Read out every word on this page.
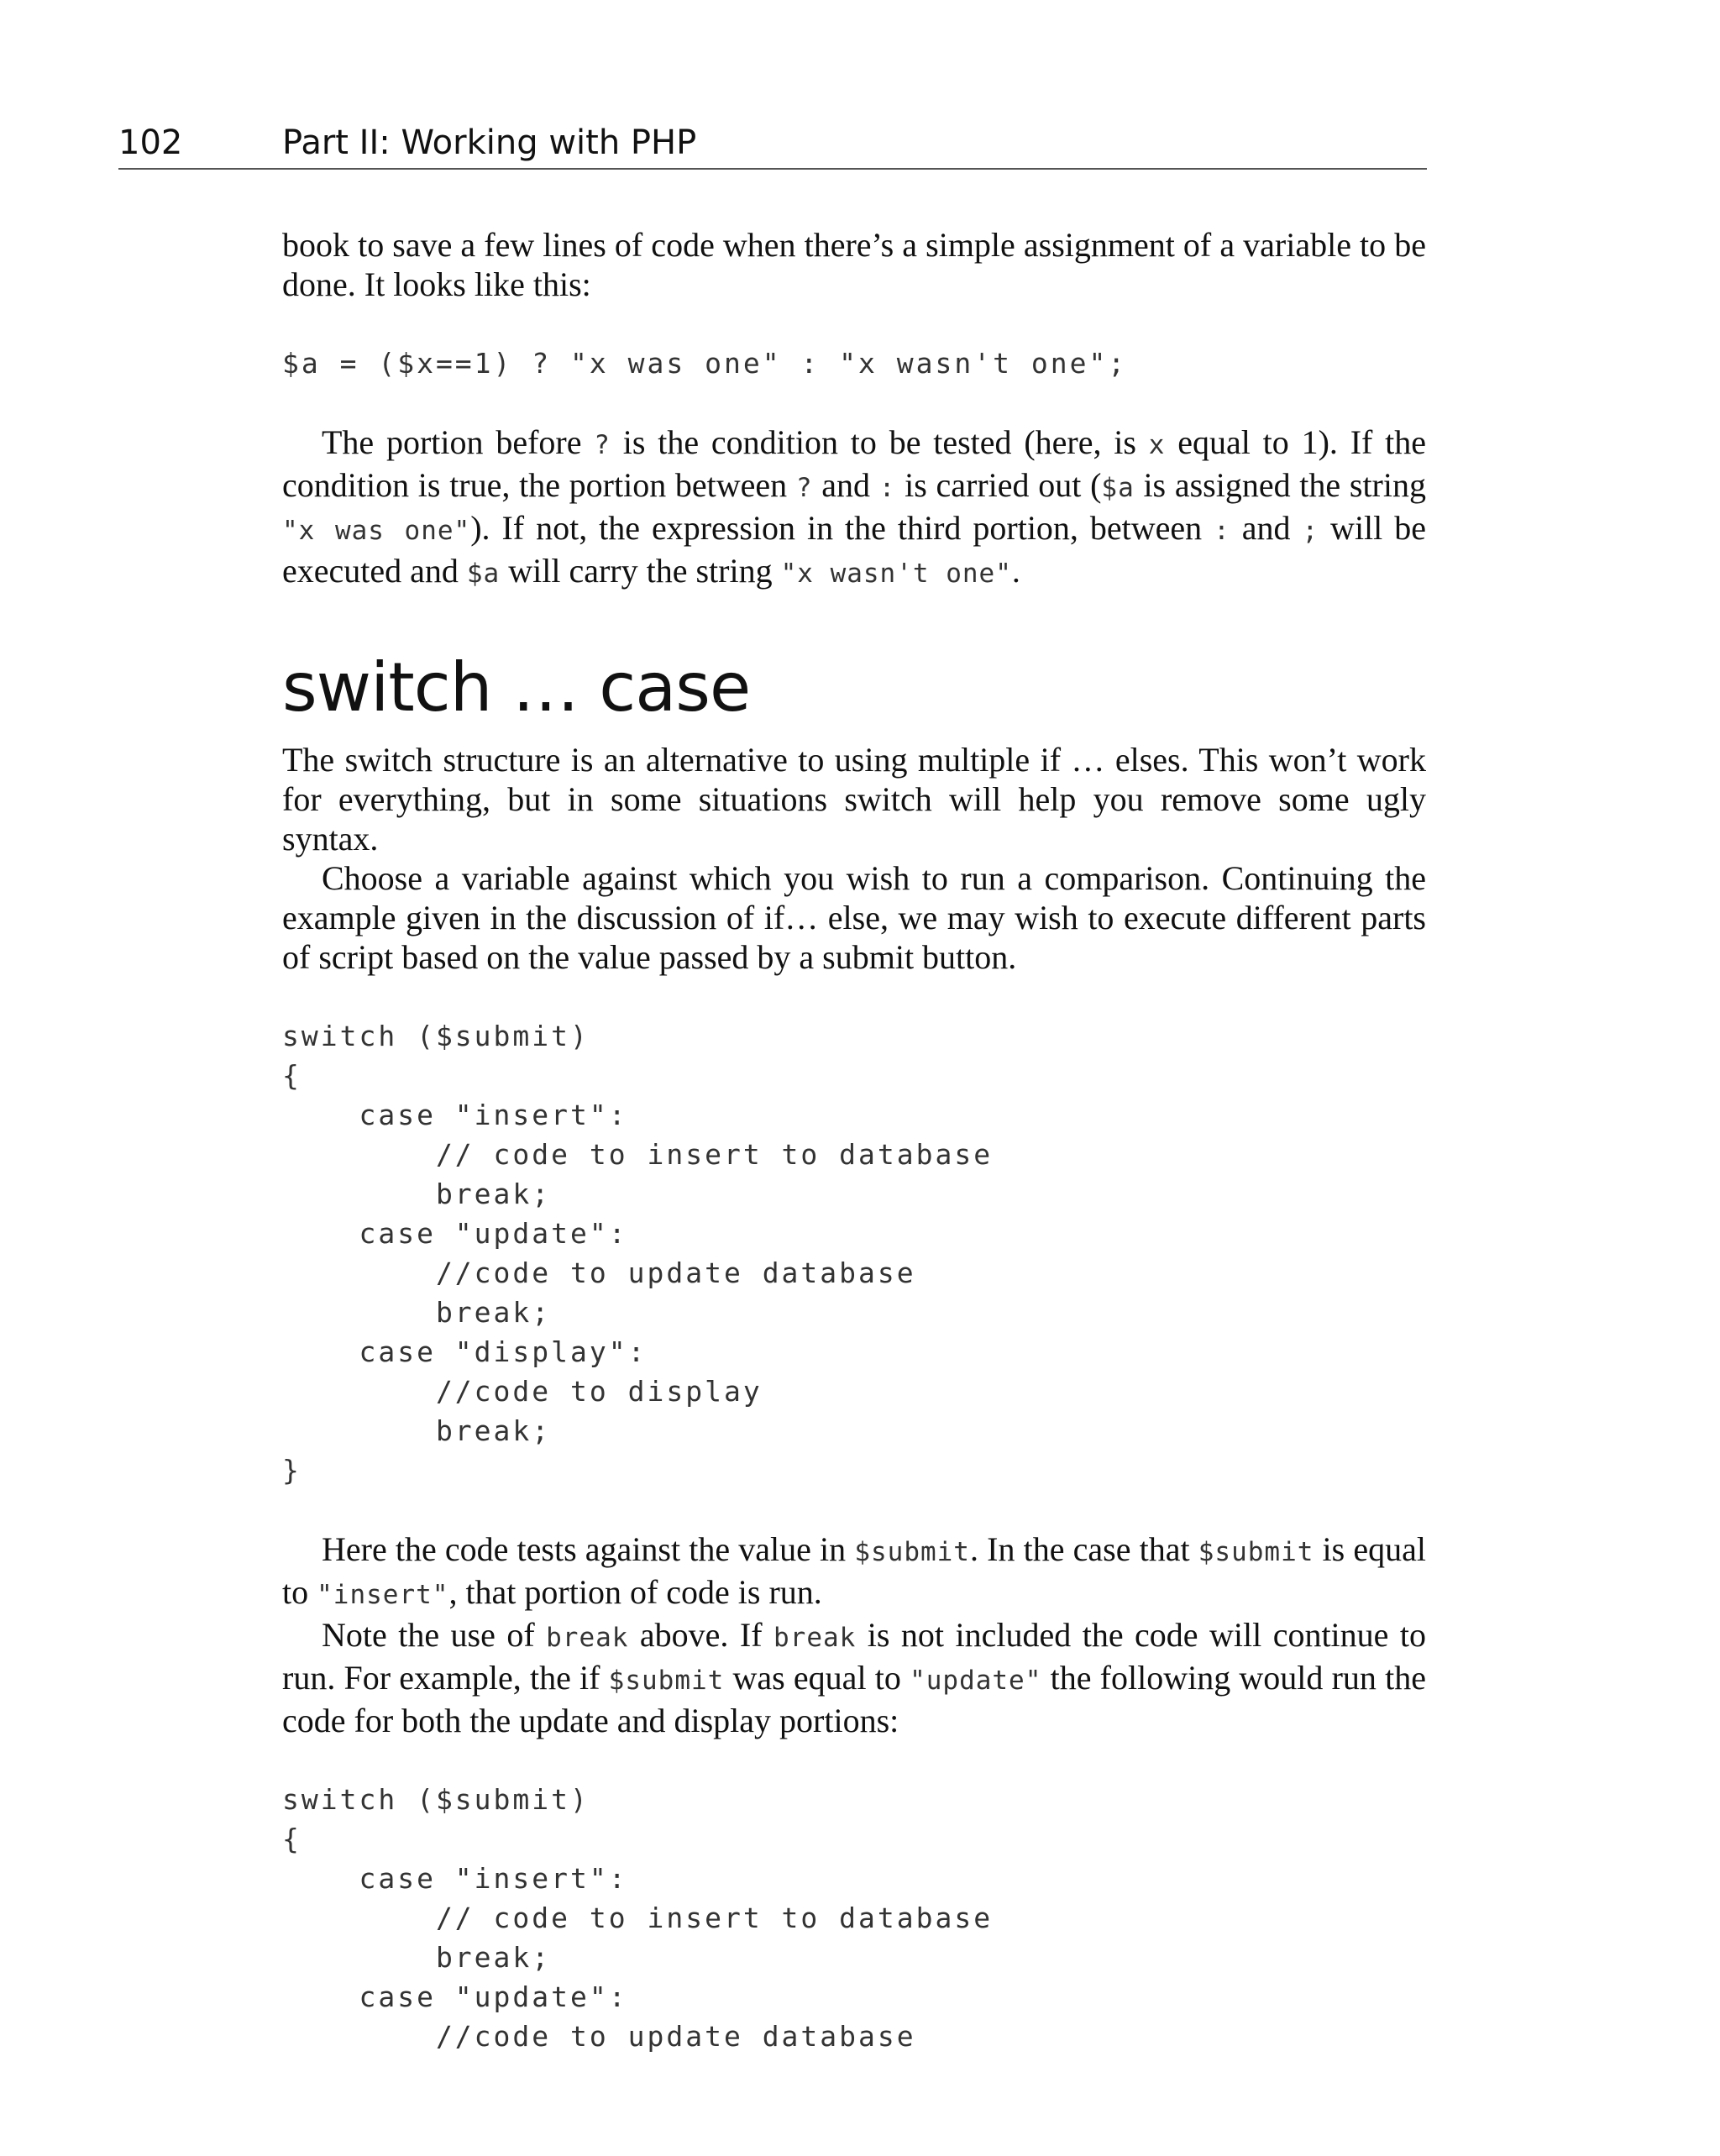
102	Part II: Working with PHP

book to save a few lines of code when there’s a simple assignment of a variable to be done. It looks like this:

$a = ($x==1) ? "x was one" : "x wasn't one";

The portion before ? is the condition to be tested (here, is x equal to 1). If the condition is true, the portion between ? and : is carried out ($a is assigned the string "x was one"). If not, the expression in the third portion, between : and ; will be executed and $a will carry the string "x wasn't one".

switch … case

The switch structure is an alternative to using multiple if … elses. This won’t work for everything, but in some situations switch will help you remove some ugly syntax.

Choose a variable against which you wish to run a comparison. Continuing the example given in the discussion of if… else, we may wish to execute different parts of script based on the value passed by a submit button.

switch ($submit)
{
case "insert":
// code to insert to database
break;
case "update":
//code to update database
break;
case "display":
//code to display
break;
}

Here the code tests against the value in $submit. In the case that $submit is equal to "insert", that portion of code is run.

Note the use of break above. If break is not included the code will continue to run. For example, the if $submit was equal to "update" the following would run the code for both the update and display portions:

switch ($submit)
{
case "insert":
// code to insert to database
break;
case "update":
//code to update database
